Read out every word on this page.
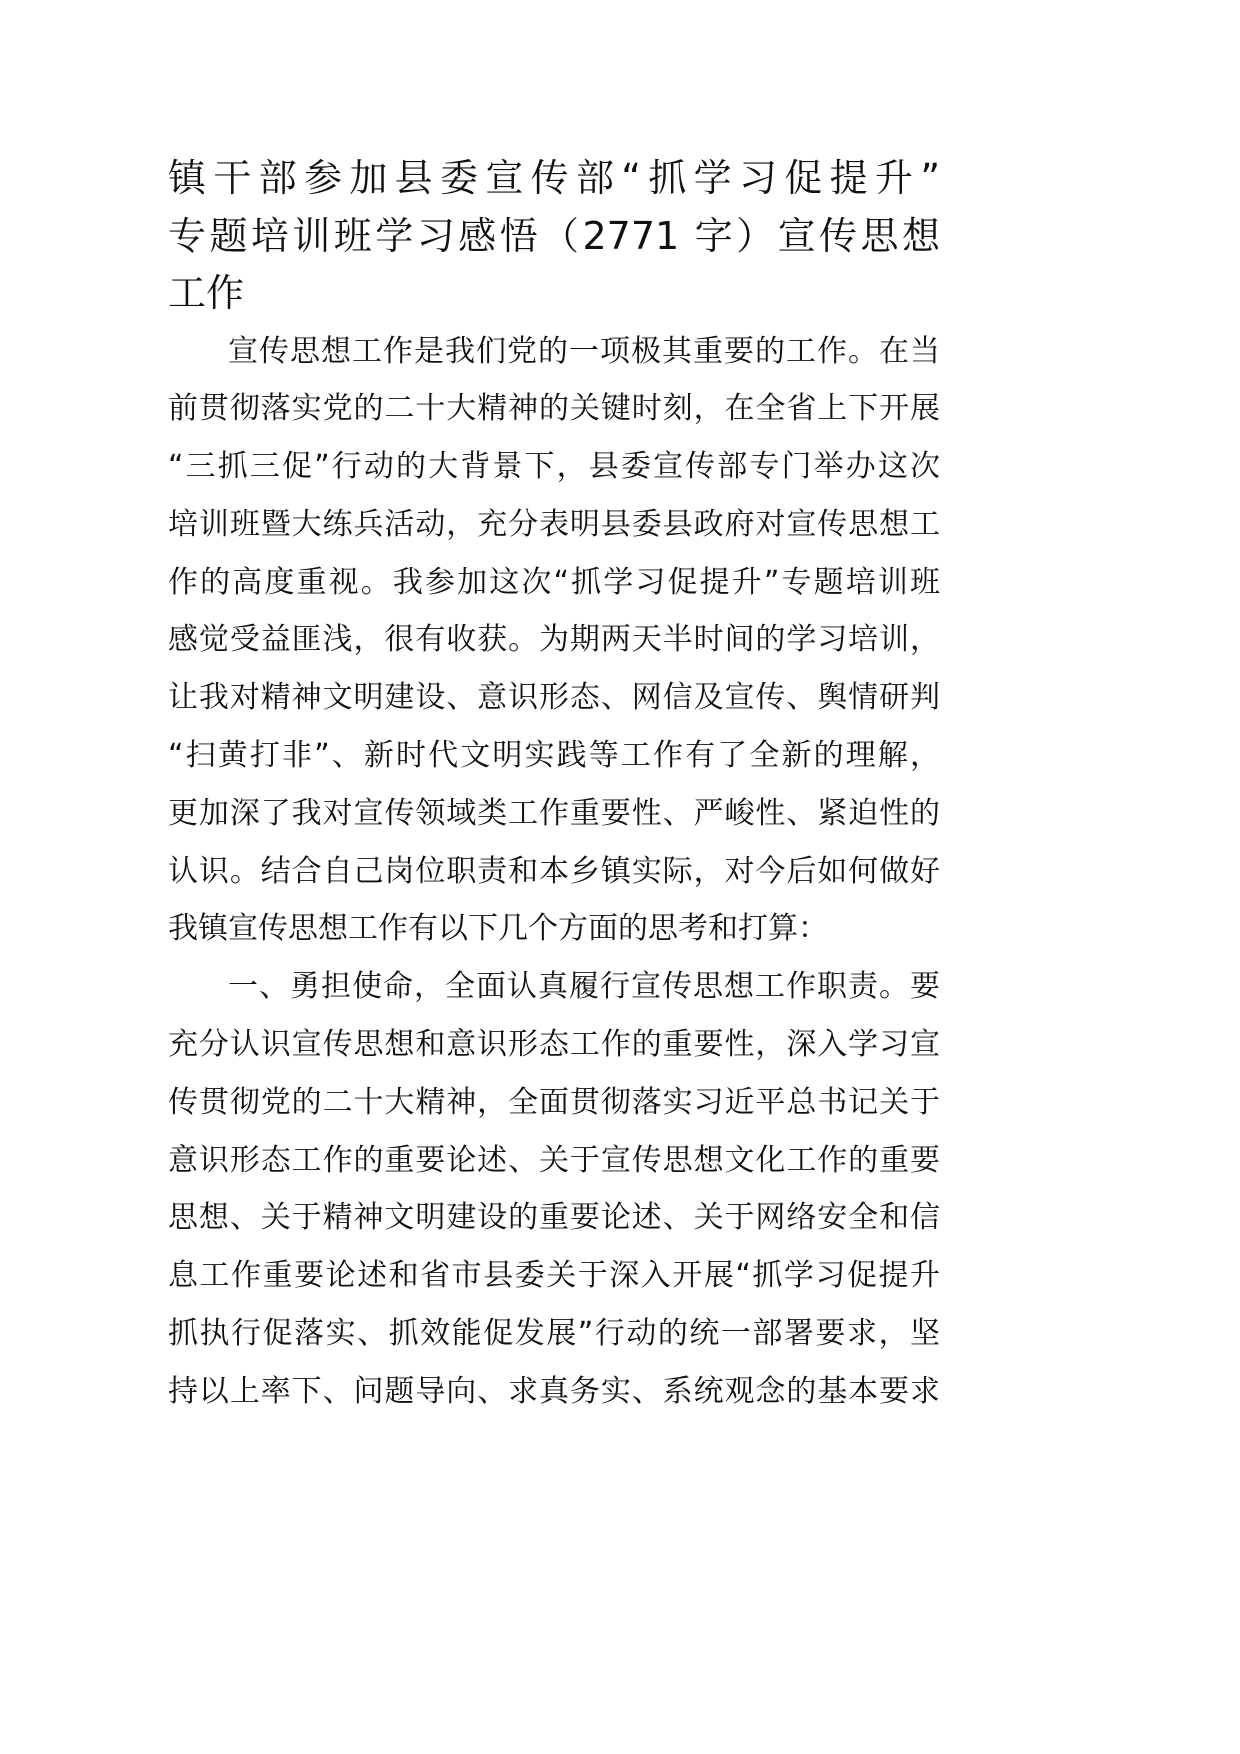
镇干部参加县委宣传部“抓学习促提升”
专题培训班学习感悟（2771 字）宣传思想
工作
宣传思想工作是我们党的一项极其重要的工作。在当
前贯彻落实党的二十大精神的关键时刻，在全省上下开展
“三抓三促”行动的大背景下，县委宣传部专门举办这次
培训班暨大练兵活动，充分表明县委县政府对宣传思想工
作的高度重视。我参加这次“抓学习促提升”专题培训班
感觉受益匪浅，很有收获。为期两天半时间的学习培训，
让我对精神文明建设、意识形态、网信及宣传、舆情研判
“扫黄打非”、新时代文明实践等工作有了全新的理解，
更加深了我对宣传领域类工作重要性、严峻性、紧迫性的
认识。结合自己岗位职责和本乡镇实际，对今后如何做好
我镇宣传思想工作有以下几个方面的思考和打算：
一、勇担使命，全面认真履行宣传思想工作职责。要
充分认识宣传思想和意识形态工作的重要性，深入学习宣
传贯彻党的二十大精神，全面贯彻落实习近平总书记关于
意识形态工作的重要论述、关于宣传思想文化工作的重要
思想、关于精神文明建设的重要论述、关于网络安全和信
息工作重要论述和省市县委关于深入开展“抓学习促提升
抓执行促落实、抓效能促发展”行动的统一部署要求，坚
持以上率下、问题导向、求真务实、系统观念的基本要求
